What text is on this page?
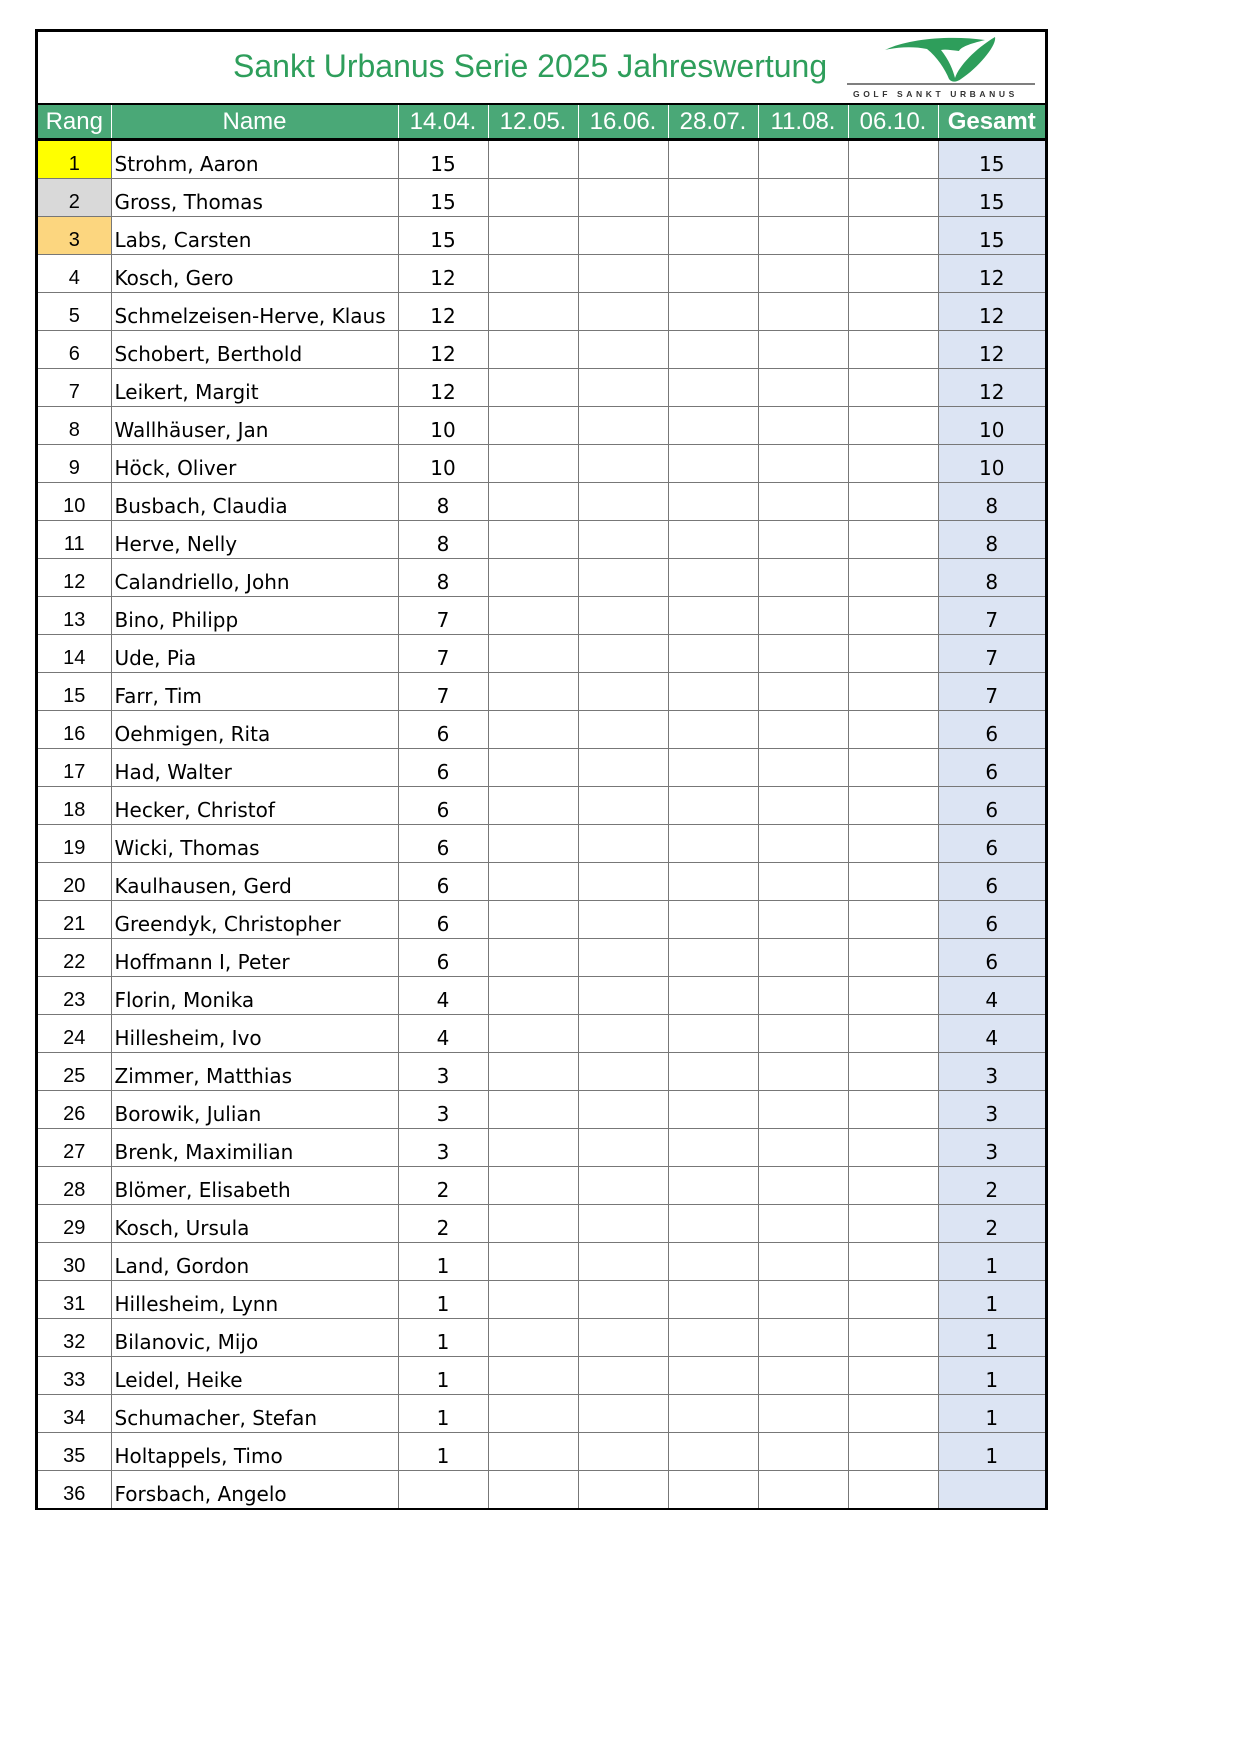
Sankt Urbanus Serie 2025 Jahreswertung
GOLF SANKT URBANUS
Rang	Name	14.04.	12.05.	16.06.	28.07.	11.08.	06.10.	Gesamt
1	Strohm, Aaron	15						15
2	Gross, Thomas	15						15
3	Labs, Carsten	15						15
4	Kosch, Gero	12						12
5	Schmelzeisen-Herve, Klaus	12						12
6	Schobert, Berthold	12						12
7	Leikert, Margit	12						12
8	Wallhäuser, Jan	10						10
9	Höck, Oliver	10						10
10	Busbach, Claudia	8						8
11	Herve, Nelly	8						8
12	Calandriello, John	8						8
13	Bino, Philipp	7						7
14	Ude, Pia	7						7
15	Farr, Tim	7						7
16	Oehmigen, Rita	6						6
17	Had, Walter	6						6
18	Hecker, Christof	6						6
19	Wicki, Thomas	6						6
20	Kaulhausen, Gerd	6						6
21	Greendyk, Christopher	6						6
22	Hoffmann I, Peter	6						6
23	Florin, Monika	4						4
24	Hillesheim, Ivo	4						4
25	Zimmer, Matthias	3						3
26	Borowik, Julian	3						3
27	Brenk, Maximilian	3						3
28	Blömer, Elisabeth	2						2
29	Kosch, Ursula	2						2
30	Land, Gordon	1						1
31	Hillesheim, Lynn	1						1
32	Bilanovic, Mijo	1						1
33	Leidel, Heike	1						1
34	Schumacher, Stefan	1						1
35	Holtappels, Timo	1						1
36	Forsbach, Angelo							
